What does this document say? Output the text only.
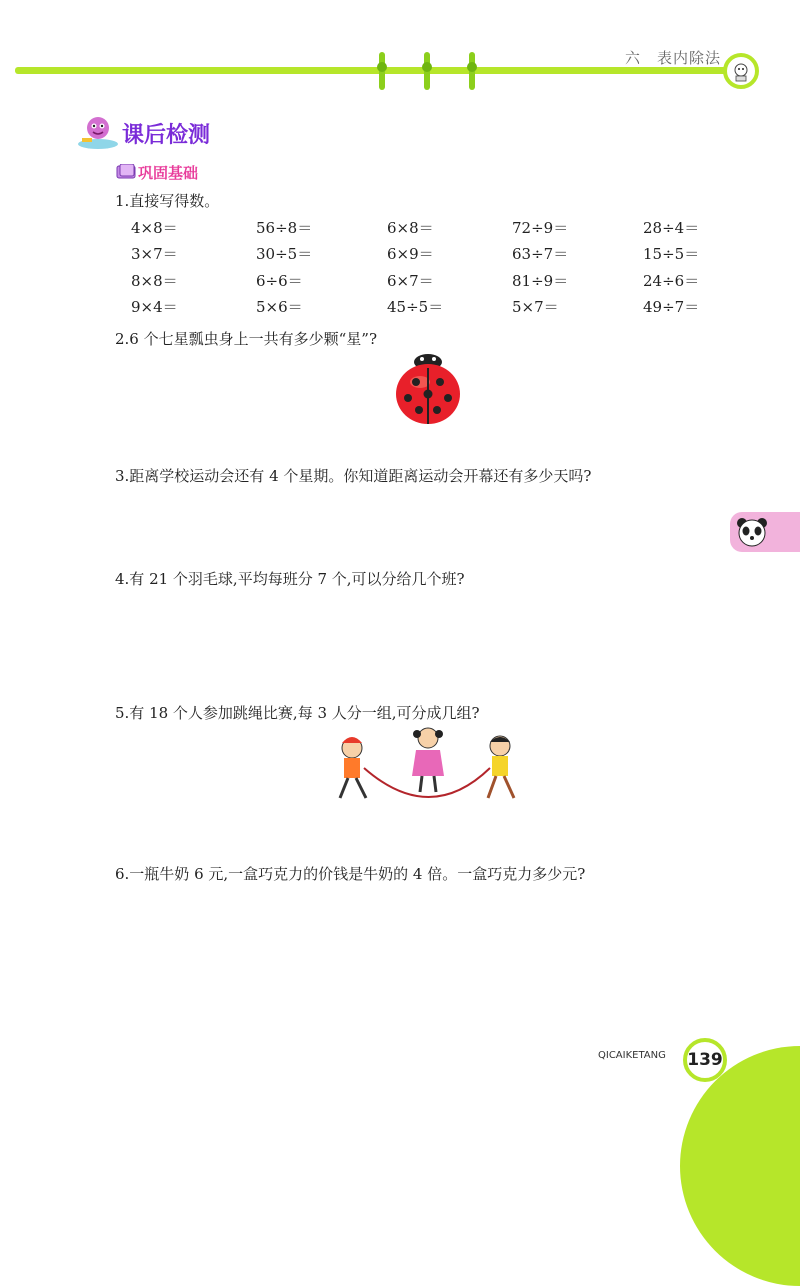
六　表内除法
课后检测
巩固基础
1.直接写得数。
4×8＝	56÷8＝	6×8＝	72÷9＝	28÷4＝
3×7＝	30÷5＝	6×9＝	63÷7＝	15÷5＝
8×8＝	6÷6＝	6×7＝	81÷9＝	24÷6＝
9×4＝	5×6＝	45÷5＝	5×7＝	49÷7＝
2.6 个七星瓢虫身上一共有多少颗“星”?
3.距离学校运动会还有 4 个星期。你知道距离运动会开幕还有多少天吗?
4.有 21 个羽毛球,平均每班分 7 个,可以分给几个班?
5.有 18 个人参加跳绳比赛,每 3 人分一组,可分成几组?
6.一瓶牛奶 6 元,一盒巧克力的价钱是牛奶的 4 倍。一盒巧克力多少元?
QICAIKETANG 139
